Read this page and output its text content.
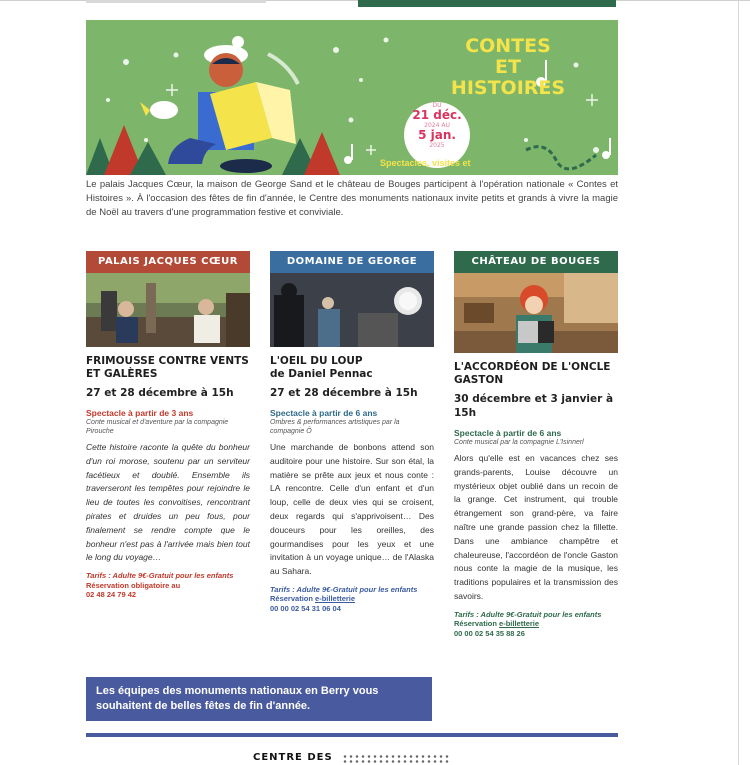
CONTES
ET HISTOIRES
DU
21 déc.
2024 AU
5 jan.
2025
Spectacles, visites et

Le palais Jacques Cœur, la maison de George Sand et le château de Bouges participent à l'opération nationale « Contes et Histoires ». À l'occasion des fêtes de fin d'année, le Centre des monuments nationaux invite petits et grands à vivre la magie de Noël au travers d'une programmation festive et conviviale.

PALAIS JACQUES CŒUR
FRIMOUSSE CONTRE VENTS ET GALÈRES
27 et 28 décembre à 15h
Spectacle à partir de 3 ans
Conte musical et d'aventure par la compagnie Pirouche
Cette histoire raconte la quête du bonheur d'un roi morose, soutenu par un serviteur facétieux et doublé. Ensemble ils traverseront les tempêtes pour rejoindre le lieu de toutes les convoitises, rencontrant pirates et druides un peu fous, pour finalement se rendre compte que le bonheur n'est pas à l'arrivée mais bien tout le long du voyage…
Tarifs : Adulte 9€-Gratuit pour les enfants
Réservation obligatoire au
02 48 24 79 42
DOMAINE DE GEORGE
L'OEIL DU LOUP
de Daniel Pennac
27 et 28 décembre à 15h
Spectacle à partir de 6 ans
Ombres & performances artistiques par la compagnie Ô
Une marchande de bonbons attend son auditoire pour une histoire. Sur son étal, la matière se prête aux jeux et nous conte : LA rencontre. Celle d'un enfant et d'un loup, celle de deux vies qui se croisent, deux regards qui s'apprivoisent… Des douceurs pour les oreilles, des gourmandises pour les yeux et une invitation à un voyage unique… de l'Alaska au Sahara.
Tarifs : Adulte 9€-Gratuit pour les enfants
Réservation e-billetterie
00 00 02 54 31 06 04
CHÂTEAU DE BOUGES
L'ACCORDÉON DE L'ONCLE GASTON
30 décembre et 3 janvier à 15h
Spectacle à partir de 6 ans
Conte musical par la compagnie L'Isinnerl
Alors qu'elle est en vacances chez ses grands-parents, Louise découvre un mystérieux objet oublié dans un recoin de la grange. Cet instrument, qui trouble étrangement son grand-père, va faire naître une grande passion chez la fillette. Dans une ambiance champêtre et chaleureuse, l'accordéon de l'oncle Gaston nous conte la magie de la musique, les traditions populaires et la transmission des savoirs.
Tarifs : Adulte 9€-Gratuit pour les enfants
Réservation e-billetterie
00 00 02 54 35 88 26
Les équipes des monuments nationaux en Berry vous souhaitent de belles fêtes de fin d'année.
CENTRE DES
